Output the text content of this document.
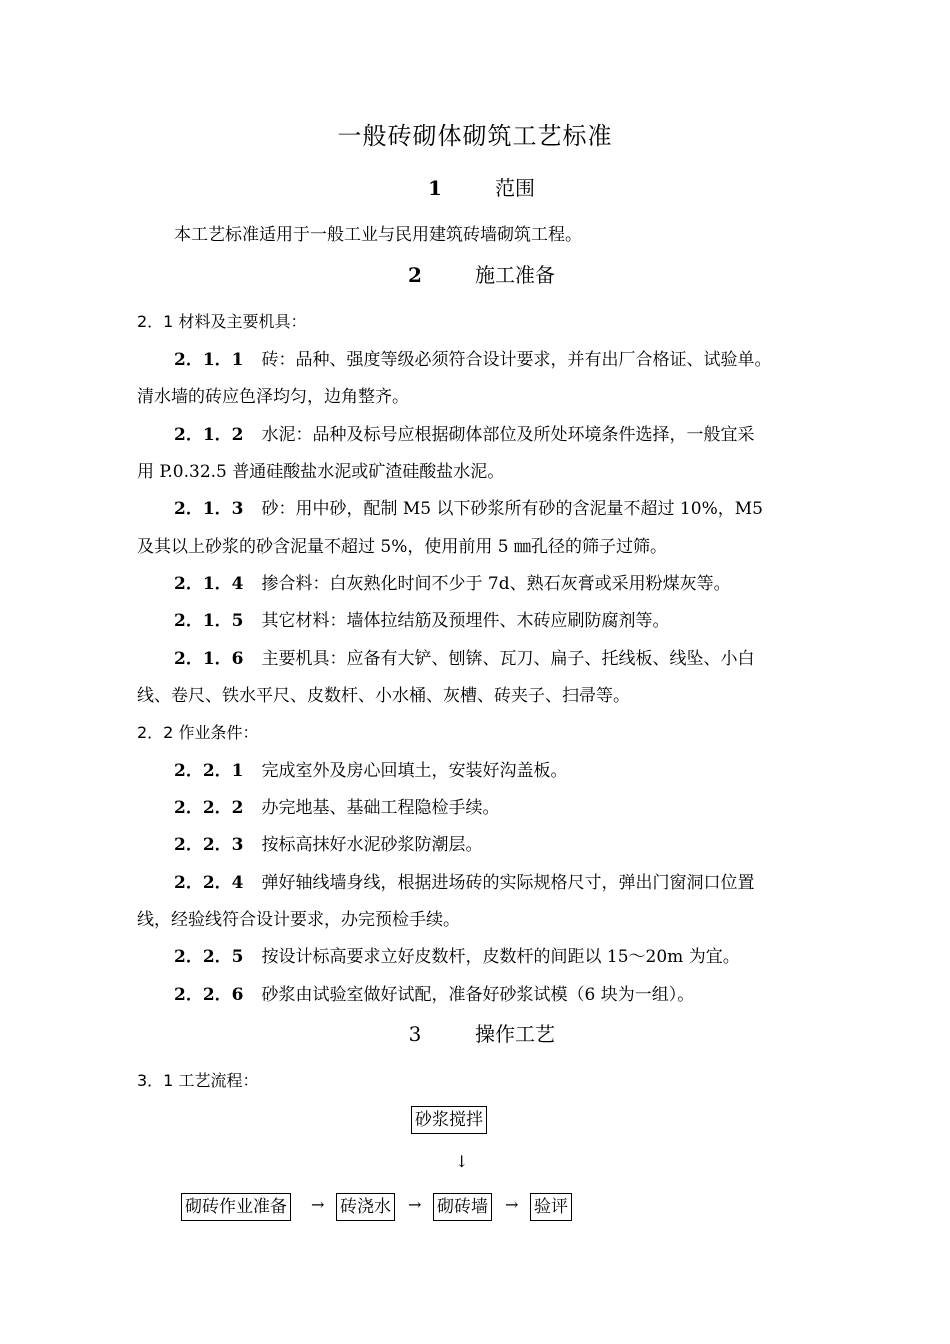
一般砖砌体砌筑工艺标准
1	范围
本工艺标准适用于一般工业与民用建筑砖墙砌筑工程。
2	施工准备
2．1 材料及主要机具：
2．1．1 砖：品种、强度等级必须符合设计要求，并有出厂合格证、试验单。
清水墙的砖应色泽均匀，边角整齐。
2．1．2 水泥：品种及标号应根据砌体部位及所处环境条件选择，一般宜采
用 P.0.32.5 普通硅酸盐水泥或矿渣硅酸盐水泥。
2．1．3 砂：用中砂，配制 M5 以下砂浆所有砂的含泥量不超过 10%，M5
及其以上砂浆的砂含泥量不超过 5%，使用前用 5 ㎜孔径的筛子过筛。
2．1．4 掺合料：白灰熟化时间不少于 7d、熟石灰膏或采用粉煤灰等。
2．1．5 其它材料：墙体拉结筋及预埋件、木砖应刷防腐剂等。
2．1．6 主要机具：应备有大铲、刨锛、瓦刀、扁子、托线板、线坠、小白
线、卷尺、铁水平尺、皮数杆、小水桶、灰槽、砖夹子、扫帚等。
2．2 作业条件：
2．2．1 完成室外及房心回填土，安装好沟盖板。
2．2．2 办完地基、基础工程隐检手续。
2．2．3 按标高抹好水泥砂浆防潮层。
2．2．4 弹好轴线墙身线，根据进场砖的实际规格尺寸，弹出门窗洞口位置
线，经验线符合设计要求，办完预检手续。
2．2．5 按设计标高要求立好皮数杆，皮数杆的间距以 15～20m 为宜。
2．2．6 砂浆由试验室做好试配，准备好砂浆试模（6 块为一组）。
3	操作工艺
3．1 工艺流程：
砂浆搅拌
↓
砌砖作业准备 → 砖浇水 → 砌砖墙 → 验评
